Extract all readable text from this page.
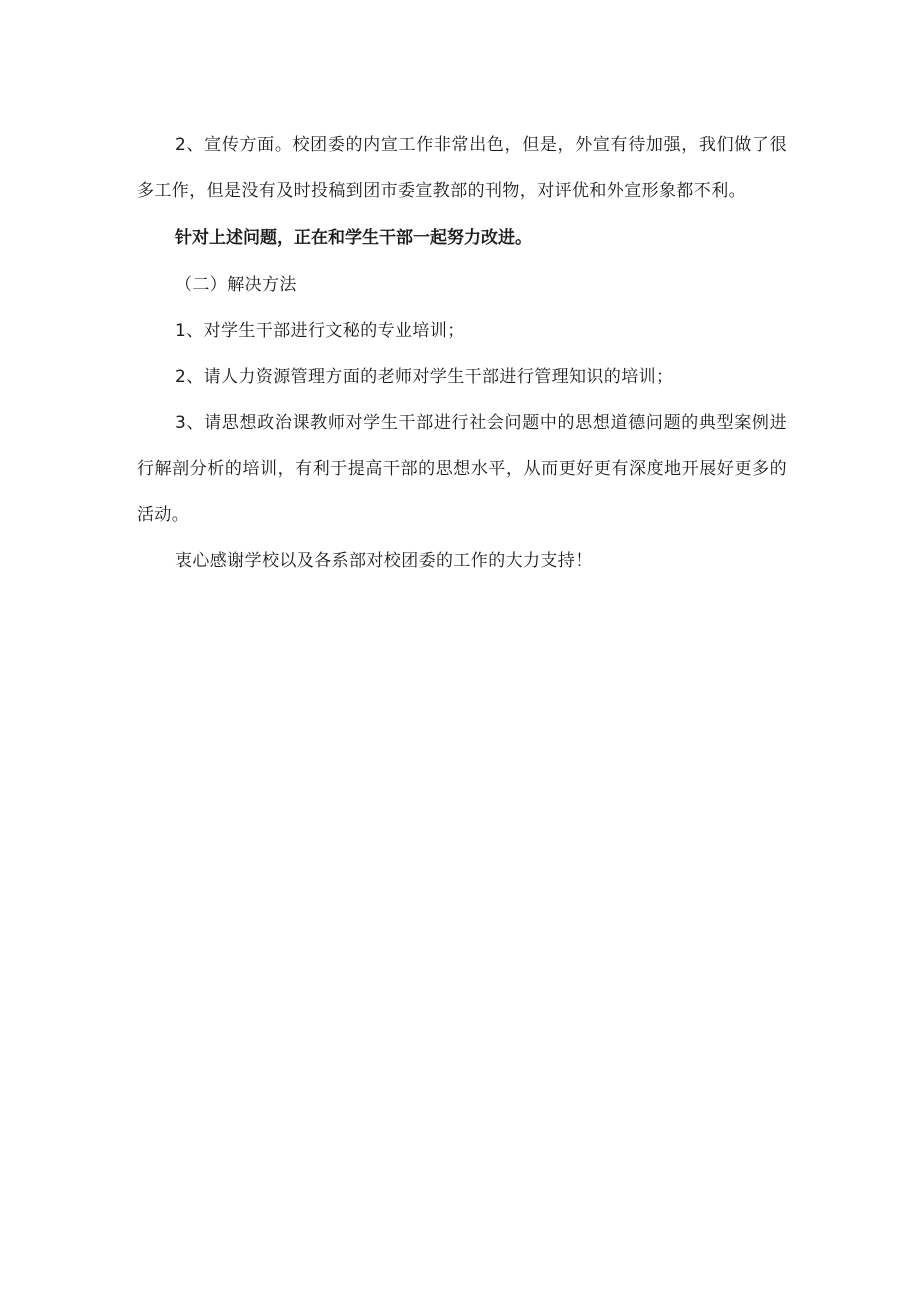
2、宣传方面。校团委的内宣工作非常出色，但是，外宣有待加强，我们做了很多工作，但是没有及时投稿到团市委宣教部的刊物，对评优和外宣形象都不利。

针对上述问题，正在和学生干部一起努力改进。

（二）解决方法

1、对学生干部进行文秘的专业培训；

2、请人力资源管理方面的老师对学生干部进行管理知识的培训；

3、请思想政治课教师对学生干部进行社会问题中的思想道德问题的典型案例进行解剖分析的培训，有利于提高干部的思想水平，从而更好更有深度地开展好更多的活动。

衷心感谢学校以及各系部对校团委的工作的大力支持！
